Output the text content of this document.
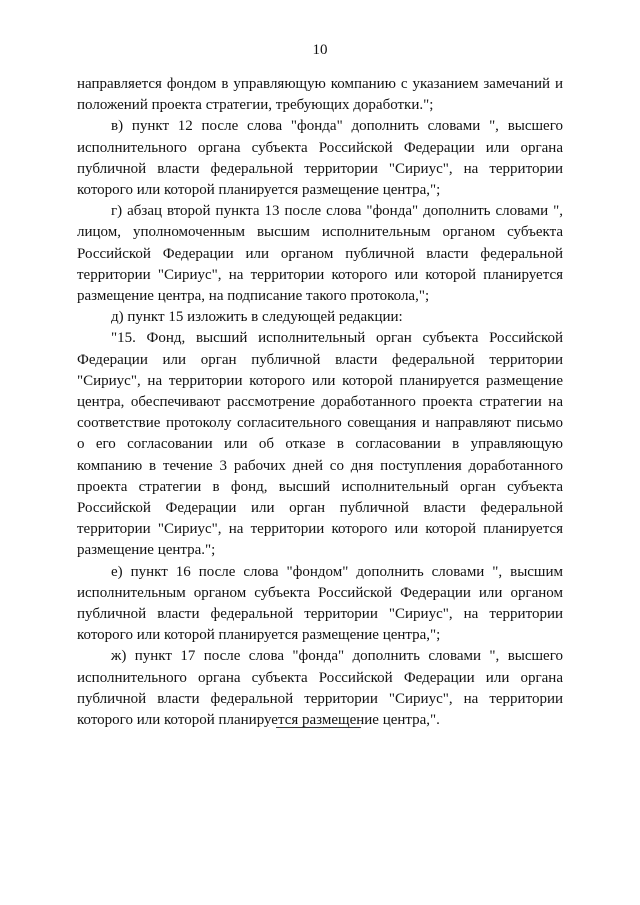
10

направляется фондом в управляющую компанию с указанием замечаний и положений проекта стратегии, требующих доработки.";

в) пункт 12 после слова "фонда" дополнить словами ", высшего исполнительного органа субъекта Российской Федерации или органа публичной власти федеральной территории "Сириус", на территории которого или которой планируется размещение центра,";

г) абзац второй пункта 13 после слова "фонда" дополнить словами ", лицом, уполномоченным высшим исполнительным органом субъекта Российской Федерации или органом публичной власти федеральной территории "Сириус", на территории которого или которой планируется размещение центра, на подписание такого протокола,";

д) пункт 15 изложить в следующей редакции:

"15. Фонд, высший исполнительный орган субъекта Российской Федерации или орган публичной власти федеральной территории "Сириус", на территории которого или которой планируется размещение центра, обеспечивают рассмотрение доработанного проекта стратегии на соответствие протоколу согласительного совещания и направляют письмо о его согласовании или об отказе в согласовании в управляющую компанию в течение 3 рабочих дней со дня поступления доработанного проекта стратегии в фонд, высший исполнительный орган субъекта Российской Федерации или орган публичной власти федеральной территории "Сириус", на территории которого или которой планируется размещение центра.";

е) пункт 16 после слова "фондом" дополнить словами ", высшим исполнительным органом субъекта Российской Федерации или органом публичной власти федеральной территории "Сириус", на территории которого или которой планируется размещение центра,";

ж) пункт 17 после слова "фонда" дополнить словами ", высшего исполнительного органа субъекта Российской Федерации или органа публичной власти федеральной территории "Сириус", на территории которого или которой планируется размещение центра,".
